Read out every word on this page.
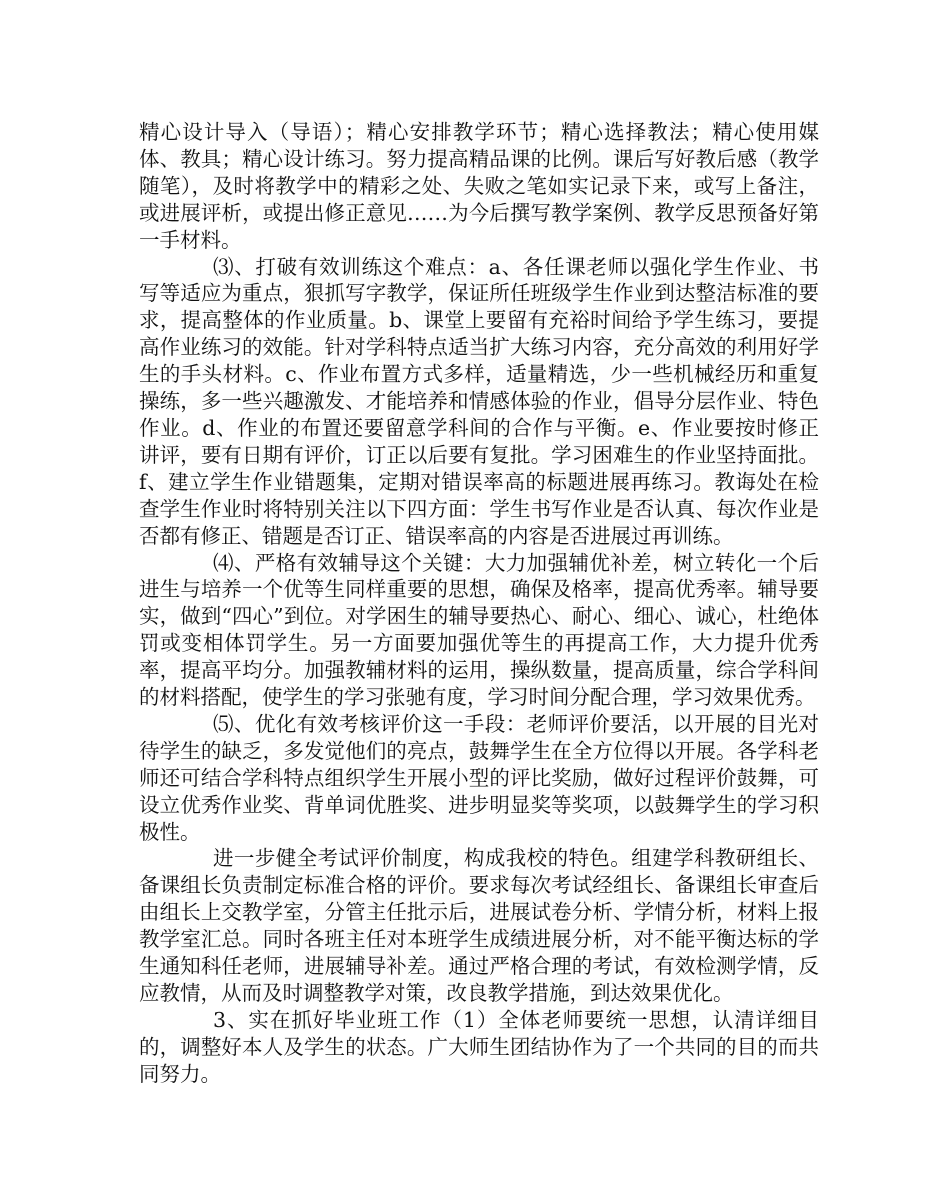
精心设计导入（导语）；精心安排教学环节；精心选择教法；精心使用媒体、教具；精心设计练习。努力提高精品课的比例。课后写好教后感（教学随笔），及时将教学中的精彩之处、失败之笔如实记录下来，或写上备注，或进展评析，或提出修正意见……为今后撰写教学案例、教学反思预备好第一手材料。

⑶、打破有效训练这个难点：a、各任课老师以强化学生作业、书写等适应为重点，狠抓写字教学，保证所任班级学生作业到达整洁标准的要求，提高整体的作业质量。b、课堂上要留有充裕时间给予学生练习，要提高作业练习的效能。针对学科特点适当扩大练习内容，充分高效的利用好学生的手头材料。c、作业布置方式多样，适量精选，少一些机械经历和重复操练，多一些兴趣激发、才能培养和情感体验的作业，倡导分层作业、特色作业。d、作业的布置还要留意学科间的合作与平衡。e、作业要按时修正讲评，要有日期有评价，订正以后要有复批。学习困难生的作业坚持面批。f、建立学生作业错题集，定期对错误率高的标题进展再练习。教诲处在检查学生作业时将特别关注以下四方面：学生书写作业是否认真、每次作业是否都有修正、错题是否订正、错误率高的内容是否进展过再训练。

⑷、严格有效辅导这个关键：大力加强辅优补差，树立转化一个后进生与培养一个优等生同样重要的思想，确保及格率，提高优秀率。辅导要实，做到“四心”到位。对学困生的辅导要热心、耐心、细心、诚心，杜绝体罚或变相体罚学生。另一方面要加强优等生的再提高工作，大力提升优秀率，提高平均分。加强教辅材料的运用，操纵数量，提高质量，综合学科间的材料搭配，使学生的学习张驰有度，学习时间分配合理，学习效果优秀。

⑸、优化有效考核评价这一手段：老师评价要活，以开展的目光对待学生的缺乏，多发觉他们的亮点，鼓舞学生在全方位得以开展。各学科老师还可结合学科特点组织学生开展小型的评比奖励，做好过程评价鼓舞，可设立优秀作业奖、背单词优胜奖、进步明显奖等奖项，以鼓舞学生的学习积极性。

进一步健全考试评价制度，构成我校的特色。组建学科教研组长、备课组长负责制定标准合格的评价。要求每次考试经组长、备课组长审查后由组长上交教学室，分管主任批示后，进展试卷分析、学情分析，材料上报教学室汇总。同时各班主任对本班学生成绩进展分析，对不能平衡达标的学生通知科任老师，进展辅导补差。通过严格合理的考试，有效检测学情，反应教情，从而及时调整教学对策，改良教学措施，到达效果优化。

3、实在抓好毕业班工作（1）全体老师要统一思想，认清详细目的，调整好本人及学生的状态。广大师生团结协作为了一个共同的目的而共同努力。
